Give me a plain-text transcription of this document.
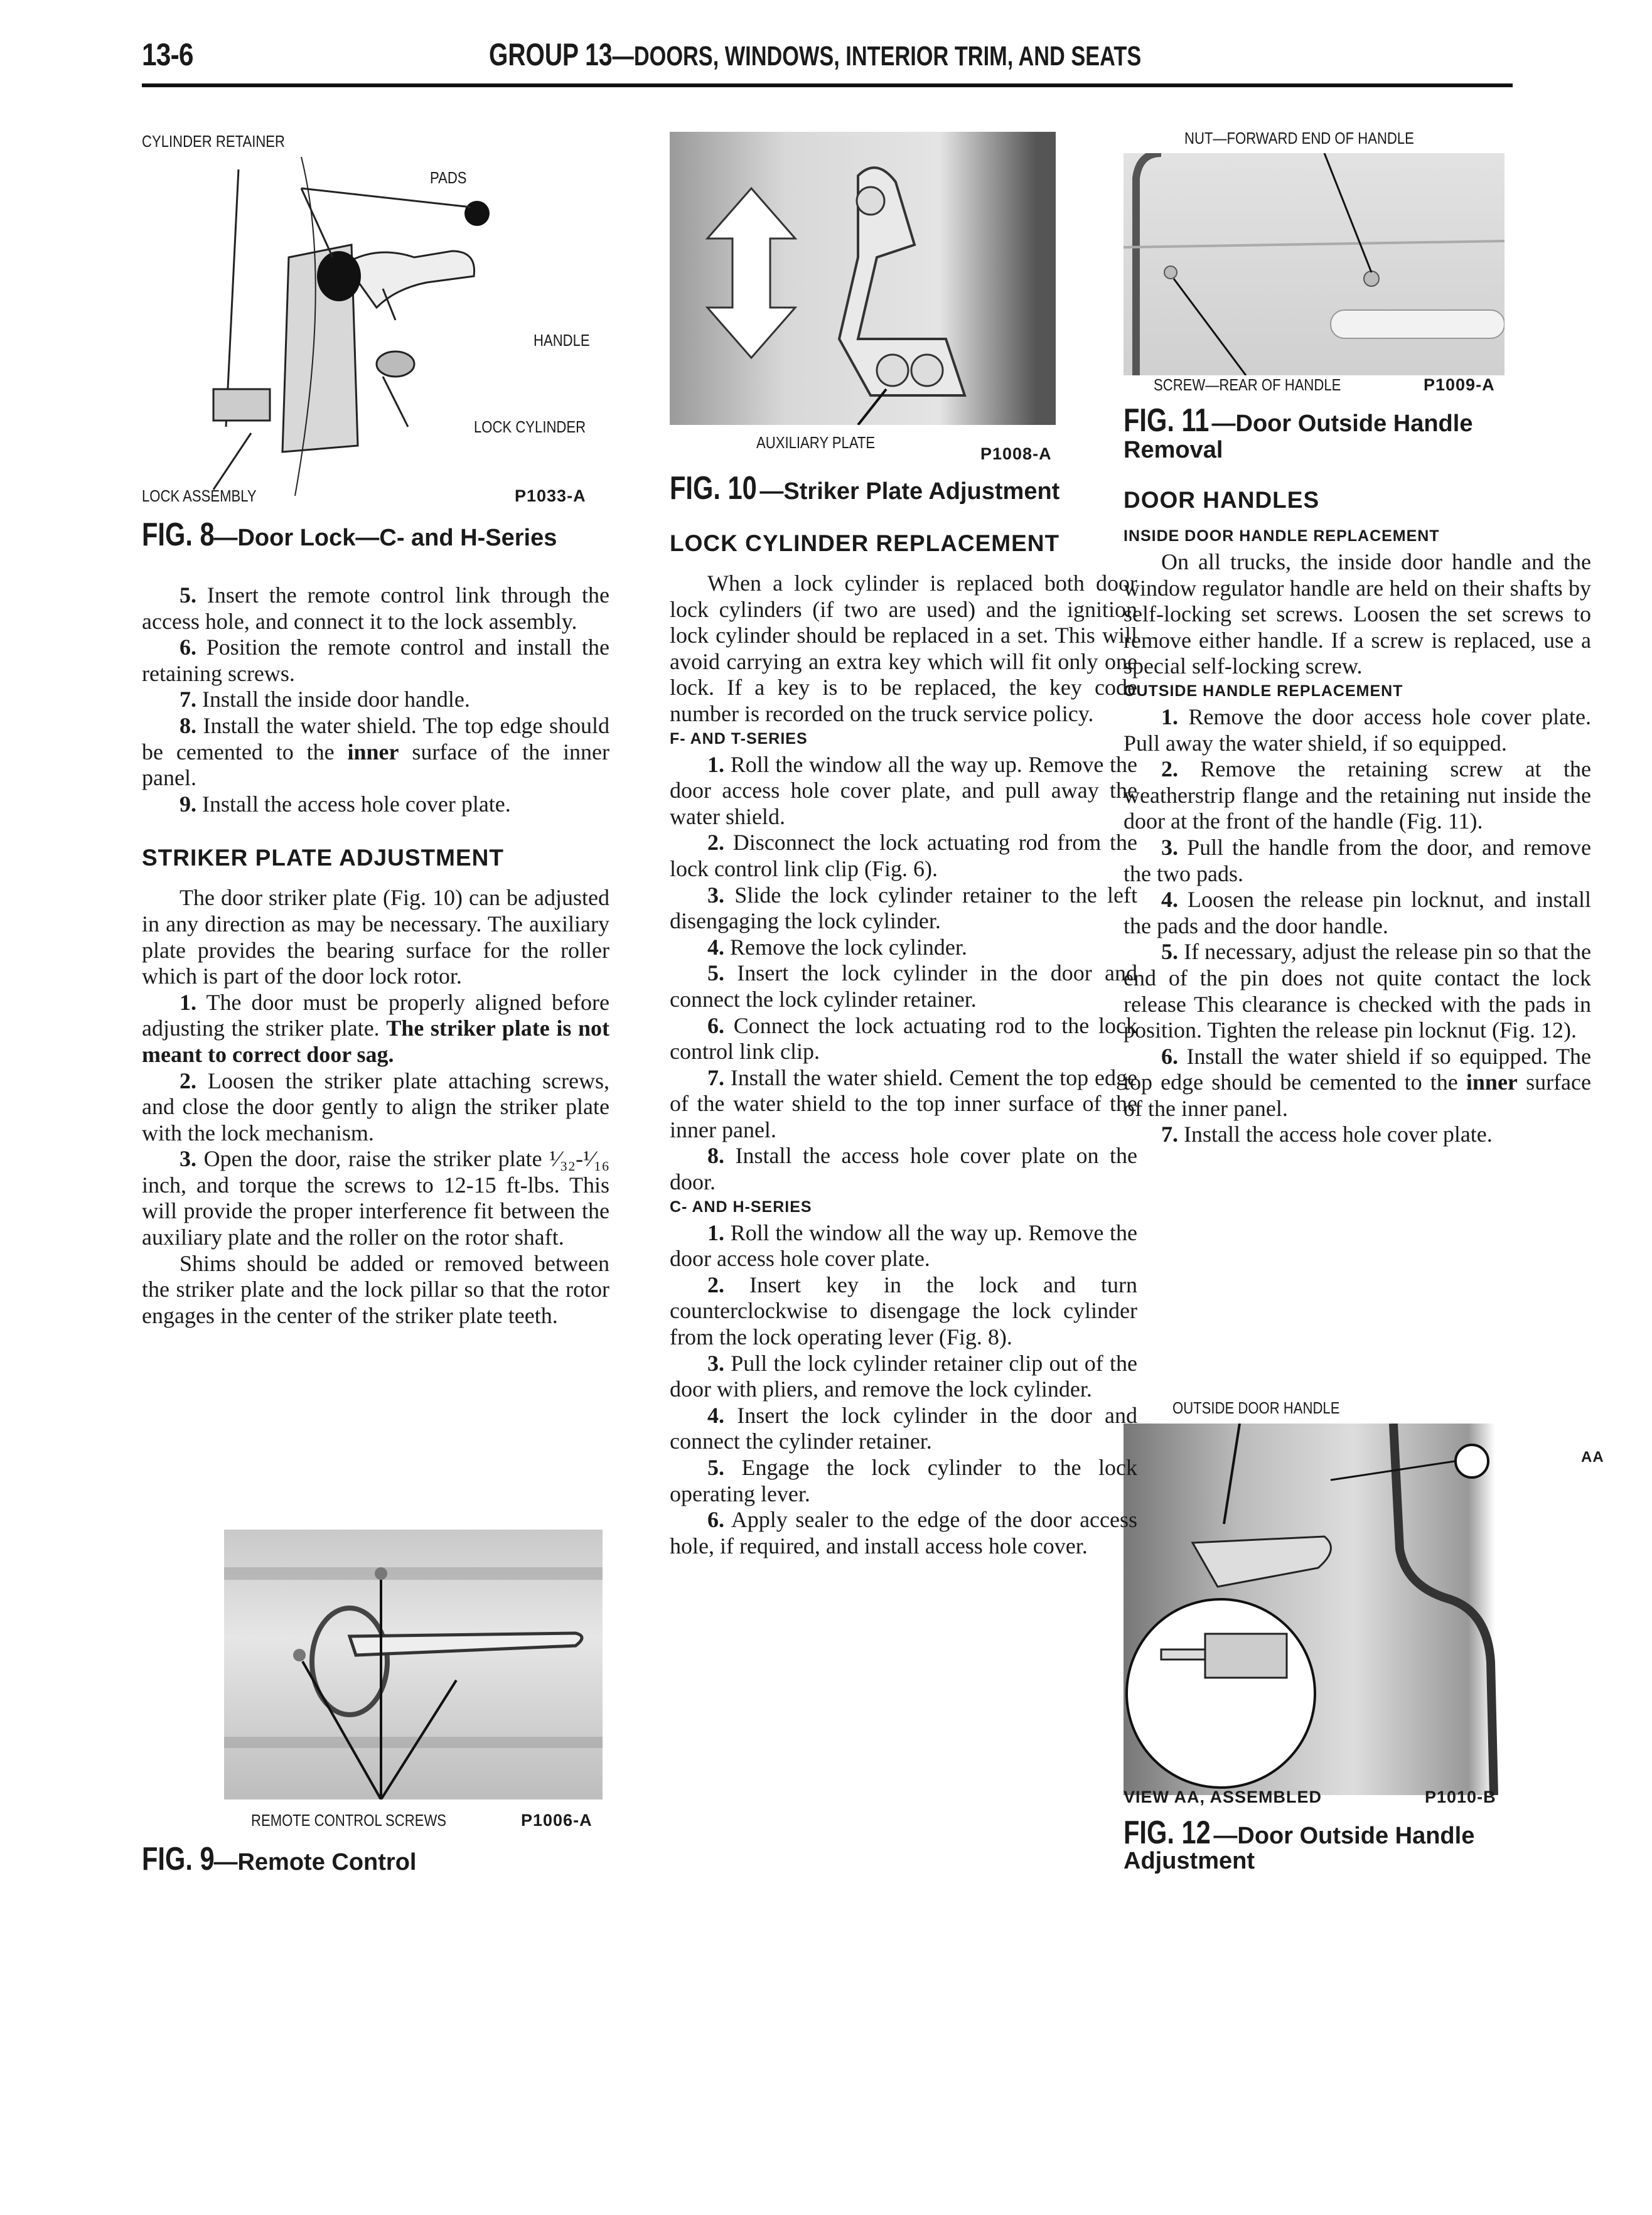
13-6	GROUP 13—DOORS, WINDOWS, INTERIOR TRIM, AND SEATS
CYLINDER RETAINER
PADS
HANDLE
LOCK CYLINDER
LOCK ASSEMBLY	P1033-A
FIG. 8—Door Lock—C- and H-Series
REMOTE CONTROL SCREWS	P1006-A
FIG. 9—Remote Control
AUXILIARY PLATE
P1008-A
FIG. 10 —Striker Plate Adjustment
NUT—FORWARD END OF HANDLE
SCREW—REAR OF HANDLE	P1009-A
FIG. 11 —Door Outside Handle
Removal
OUTSIDE DOOR HANDLE
AA
VIEW AA, ASSEMBLED	P1010-B
FIG. 12 —Door Outside Handle
Adjustment

5. Insert the remote control link through the access hole, and connect it to the lock assembly.

6. Position the remote control and install the retaining screws.

7. Install the inside door handle.

8. Install the water shield. The top edge should be cemented to the inner surface of the inner panel.

9. Install the access hole cover plate.

STRIKER PLATE ADJUSTMENT

The door striker plate (Fig. 10) can be adjusted in any direction as may be necessary. The auxiliary plate provides the bearing surface for the roller which is part of the door lock rotor.

1. The door must be properly aligned before adjusting the striker plate. The striker plate is not meant to correct door sag.

2. Loosen the striker plate attaching screws, and close the door gently to align the striker plate with the lock mechanism.

3. Open the door, raise the striker plate ¹⁄₃₂-¹⁄₁₆ inch, and torque the screws to 12-15 ft-lbs. This will provide the proper interference fit between the auxiliary plate and the roller on the rotor shaft.

Shims should be added or removed between the striker plate and the lock pillar so that the rotor engages in the center of the striker plate teeth.

LOCK CYLINDER REPLACEMENT

When a lock cylinder is replaced both door lock cylinders (if two are used) and the ignition lock cylinder should be replaced in a set. This will avoid carrying an extra key which will fit only one lock. If a key is to be replaced, the key code number is recorded on the truck service policy.

F- AND T-SERIES

1. Roll the window all the way up. Remove the door access hole cover plate, and pull away the water shield.

2. Disconnect the lock actuating rod from the lock control link clip (Fig. 6).

3. Slide the lock cylinder retainer to the left disengaging the lock cylinder.

4. Remove the lock cylinder.

5. Insert the lock cylinder in the door and connect the lock cylinder retainer.

6. Connect the lock actuating rod to the lock control link clip.

7. Install the water shield. Cement the top edge of the water shield to the top inner surface of the inner panel.

8. Install the access hole cover plate on the door.

C- AND H-SERIES

1. Roll the window all the way up. Remove the door access hole cover plate.

2. Insert key in the lock and turn counterclockwise to disengage the lock cylinder from the lock operating lever (Fig. 8).

3. Pull the lock cylinder retainer clip out of the door with pliers, and remove the lock cylinder.

4. Insert the lock cylinder in the door and connect the cylinder retainer.

5. Engage the lock cylinder to the lock operating lever.

6. Apply sealer to the edge of the door access hole, if required, and install access hole cover.

DOOR HANDLES
INSIDE DOOR HANDLE REPLACEMENT

On all trucks, the inside door handle and the window regulator handle are held on their shafts by self-locking set screws. Loosen the set screws to remove either handle. If a screw is replaced, use a special self-locking screw.

OUTSIDE HANDLE REPLACEMENT

1. Remove the door access hole cover plate. Pull away the water shield, if so equipped.

2. Remove the retaining screw at the weatherstrip flange and the retaining nut inside the door at the front of the handle (Fig. 11).

3. Pull the handle from the door, and remove the two pads.

4. Loosen the release pin locknut, and install the pads and the door handle.

5. If necessary, adjust the release pin so that the end of the pin does not quite contact the lock release This clearance is checked with the pads in position. Tighten the release pin locknut (Fig. 12).

6. Install the water shield if so equipped. The top edge should be cemented to the inner surface of the inner panel.

7. Install the access hole cover plate.
